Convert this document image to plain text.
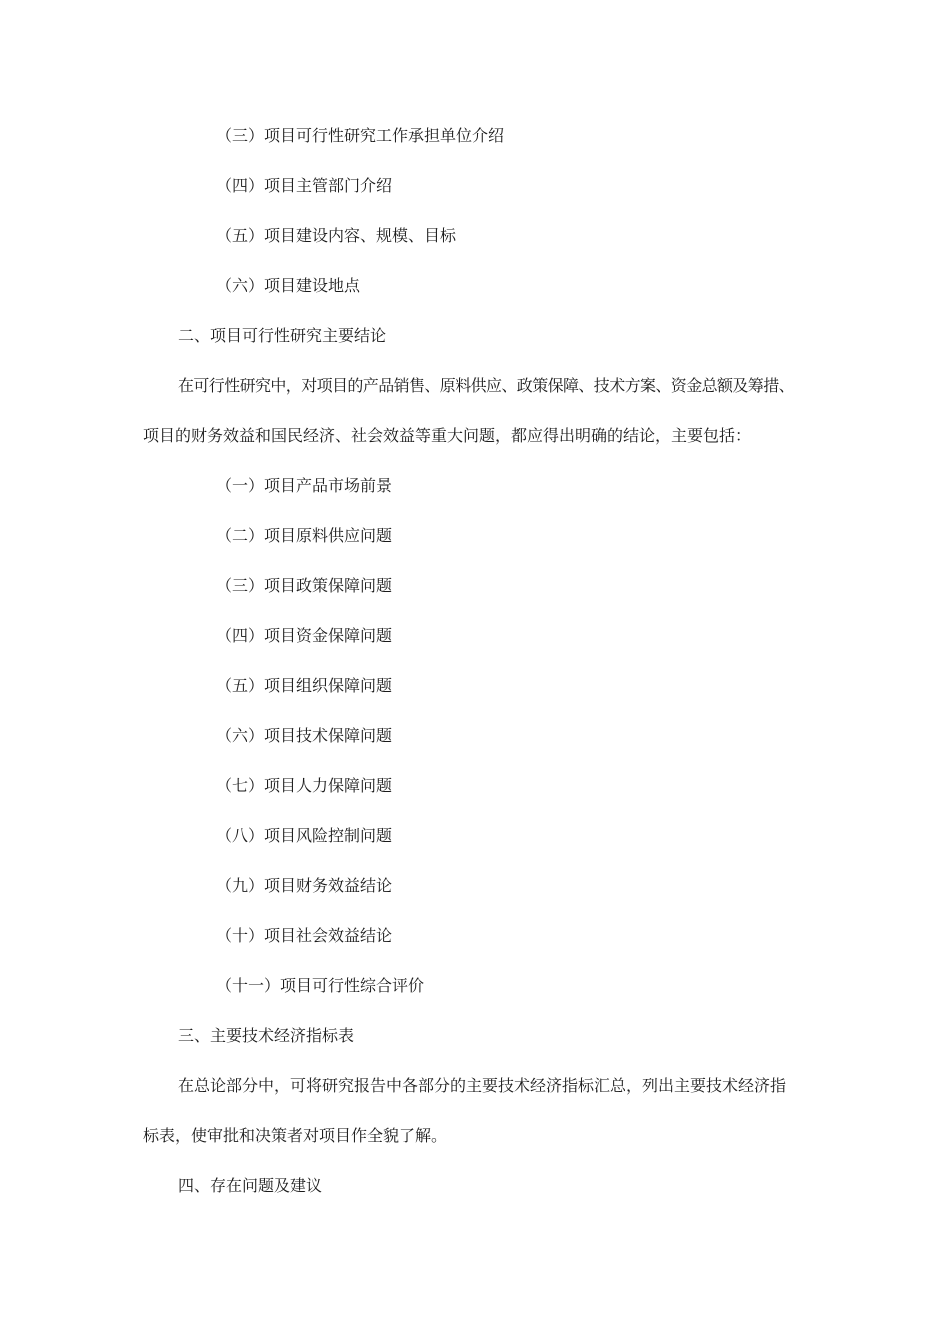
（三）项目可行性研究工作承担单位介绍
（四）项目主管部门介绍
（五）项目建设内容、规模、目标
（六）项目建设地点
二、项目可行性研究主要结论
在可行性研究中，对项目的产品销售、原料供应、政策保障、技术方案、资金总额及筹措、
项目的财务效益和国民经济、社会效益等重大问题，都应得出明确的结论，主要包括：
（一）项目产品市场前景
（二）项目原料供应问题
（三）项目政策保障问题
（四）项目资金保障问题
（五）项目组织保障问题
（六）项目技术保障问题
（七）项目人力保障问题
（八）项目风险控制问题
（九）项目财务效益结论
（十）项目社会效益结论
（十一）项目可行性综合评价
三、主要技术经济指标表
在总论部分中，可将研究报告中各部分的主要技术经济指标汇总，列出主要技术经济指
标表，使审批和决策者对项目作全貌了解。
四、存在问题及建议
